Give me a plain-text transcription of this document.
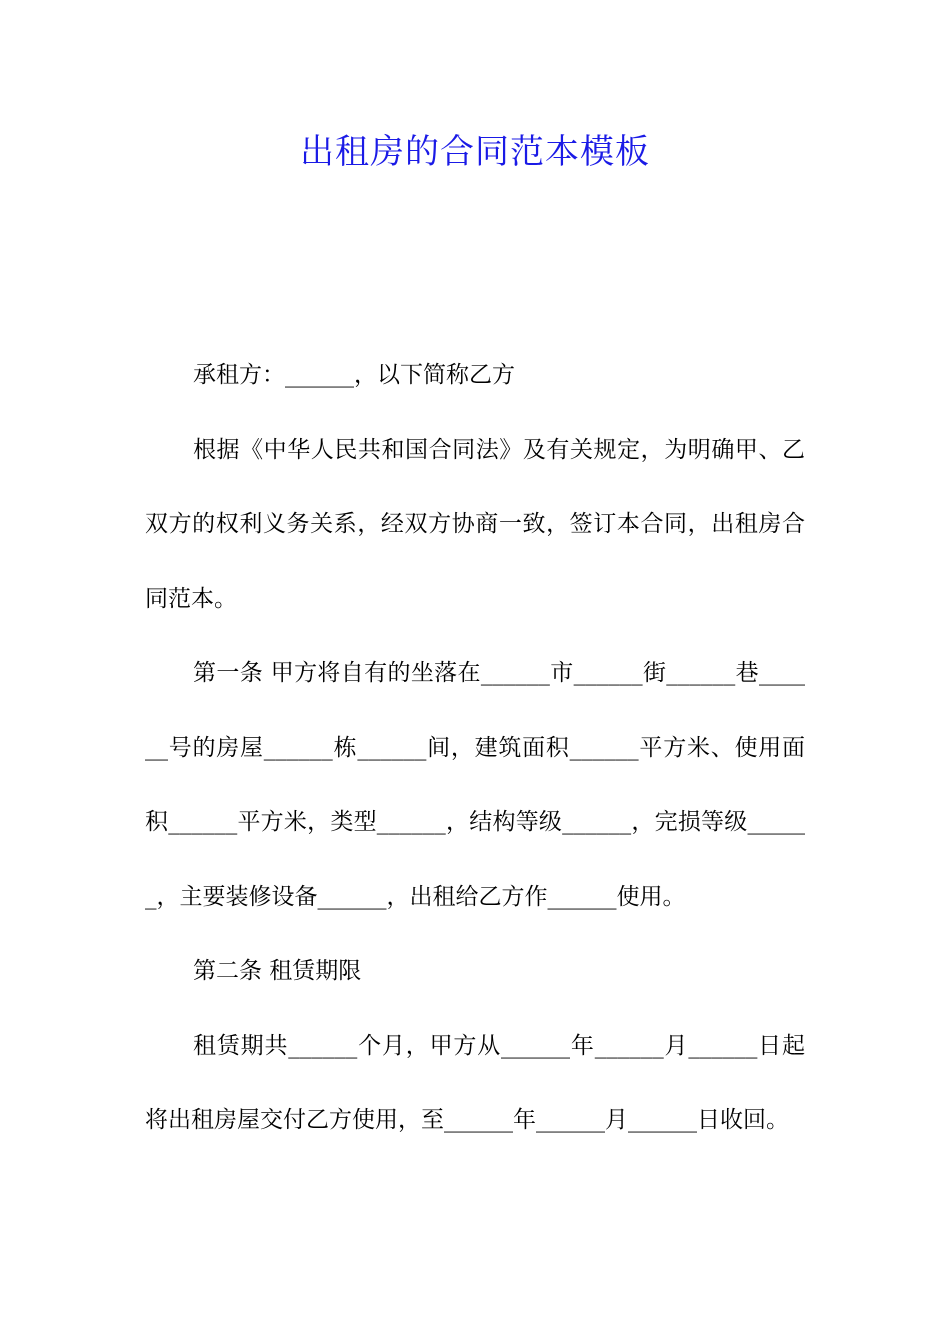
出租房的合同范本模板

承租方：______，以下简称乙方

根据《中华人民共和国合同法》及有关规定，为明确甲、乙双方的权利义务关系，经双方协商一致，签订本合同，出租房合同范本。

第一条 甲方将自有的坐落在______市______街______巷______号的房屋______栋______间，建筑面积______平方米、使用面积______平方米，类型______，结构等级______，完损等级______，主要装修设备______，出租给乙方作______使用。

第二条 租赁期限

租赁期共______个月，甲方从______年______月______日起将出租房屋交付乙方使用，至______年______月______日收回。
